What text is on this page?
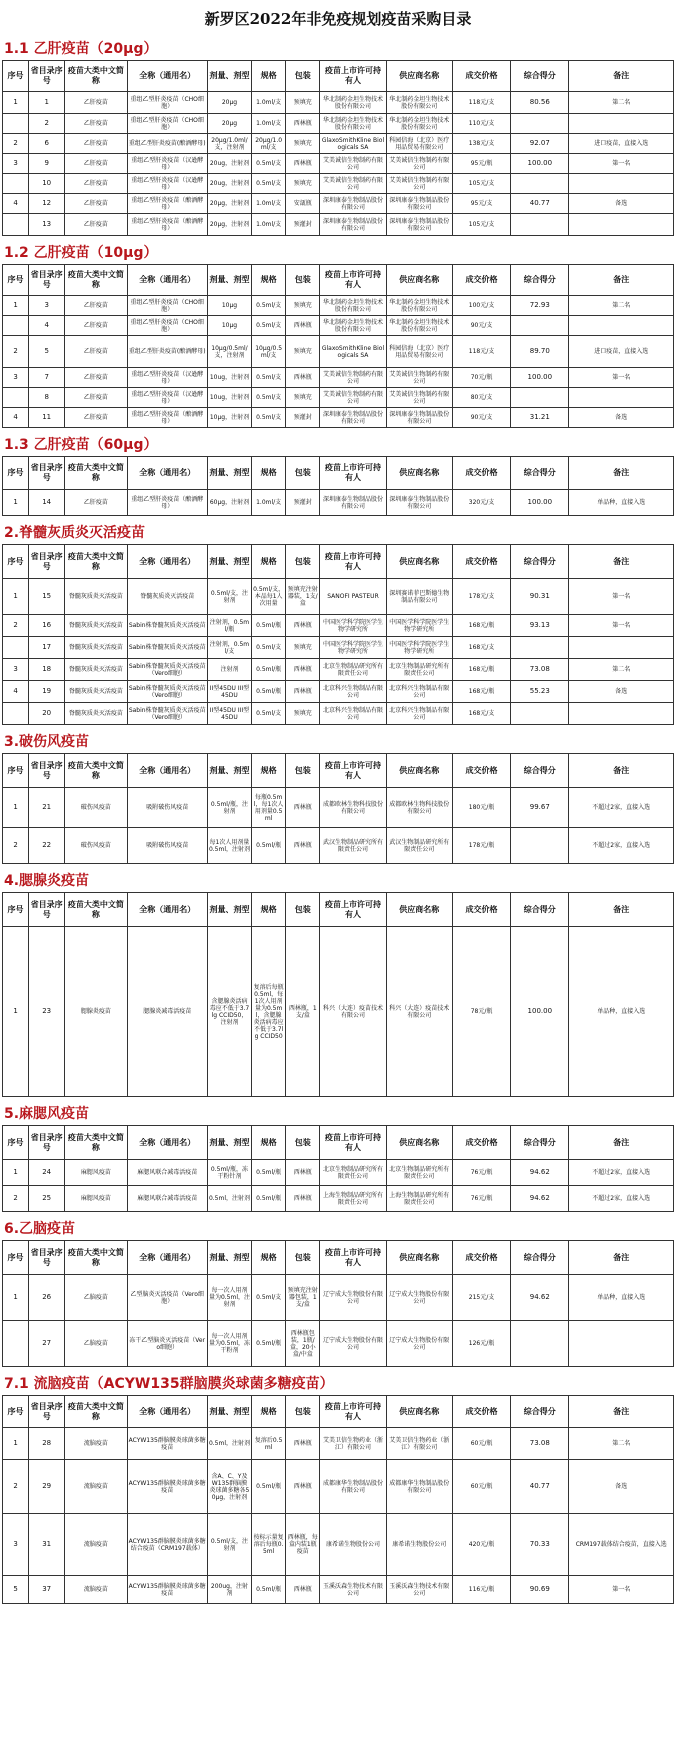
新罗区2022年非免疫规划疫苗采购目录
1.1 乙肝疫苗（20μg）
序号	省目录序号	疫苗大类中文简称	全称（通用名）	剂量、剂型	规格	包装	疫苗上市许可持有人	供应商名称	成交价格	综合得分	备注
1	1	乙肝疫苗	重组乙型肝炎疫苗（CHO细胞）	20μg	1.0ml/支	预填充	华北制药金坦生物技术股份有限公司	华北制药金坦生物技术股份有限公司	118元/支	80.56	第二名
	2	乙肝疫苗	重组乙型肝炎疫苗（CHO细胞）	20μg	1.0ml/支	西林瓶	华北制药金坦生物技术股份有限公司	华北制药金坦生物技术股份有限公司	110元/支		
2	6	乙肝疫苗	重组乙型肝炎疫苗(酿酒酵母)	20μg/1.0ml/支，注射剂	20μg/1.0ml/支	预填充	GlaxoSmithKline Biologicals SA	科园信海（北京）医疗用品贸易有限公司	138元/支	92.07	进口疫苗，直接入选
3	9	乙肝疫苗	重组乙型肝炎疫苗（汉逊酵母）	20ug，注射剂	0.5ml/支	西林瓶	艾美诚信生物制药有限公司	艾美诚信生物制药有限公司	95元/瓶	100.00	第一名
	10	乙肝疫苗	重组乙型肝炎疫苗（汉逊酵母）	20ug，注射剂	0.5ml/支	预填充	艾美诚信生物制药有限公司	艾美诚信生物制药有限公司	105元/支		
4	12	乙肝疫苗	重组乙型肝炎疫苗（酿酒酵母）	20μg，注射剂	1.0ml/支	安瓿瓶	深圳康泰生物制品股份有限公司	深圳康泰生物制品股份有限公司	95元/支	40.77	备选
	13	乙肝疫苗	重组乙型肝炎疫苗（酿酒酵母）	20μg，注射剂	1.0ml/支	预灌封	深圳康泰生物制品股份有限公司	深圳康泰生物制品股份有限公司	105元/支		
1.2 乙肝疫苗（10μg）
序号	省目录序号	疫苗大类中文简称	全称（通用名）	剂量、剂型	规格	包装	疫苗上市许可持有人	供应商名称	成交价格	综合得分	备注
1	3	乙肝疫苗	重组乙型肝炎疫苗（CHO细胞）	10μg	0.5ml/支	预填充	华北制药金坦生物技术股份有限公司	华北制药金坦生物技术股份有限公司	100元/支	72.93	第二名
	4	乙肝疫苗	重组乙型肝炎疫苗（CHO细胞）	10μg	0.5ml/支	西林瓶	华北制药金坦生物技术股份有限公司	华北制药金坦生物技术股份有限公司	90元/支		
2	5	乙肝疫苗	重组乙型肝炎疫苗(酿酒酵母)	10μg/0.5ml/支，注射剂	10μg/0.5ml/支	预填充	GlaxoSmithKline Biologicals SA	科园信海（北京）医疗用品贸易有限公司	118元/支	89.70	进口疫苗，直接入选
3	7	乙肝疫苗	重组乙型肝炎疫苗（汉逊酵母）	10ug，注射剂	0.5ml/支	西林瓶	艾美诚信生物制药有限公司	艾美诚信生物制药有限公司	70元/瓶	100.00	第一名
	8	乙肝疫苗	重组乙型肝炎疫苗（汉逊酵母）	10ug，注射剂	0.5ml/支	预填充	艾美诚信生物制药有限公司	艾美诚信生物制药有限公司	80元/支		
4	11	乙肝疫苗	重组乙型肝炎疫苗（酿酒酵母）	10μg，注射剂	0.5ml/支	预灌封	深圳康泰生物制品股份有限公司	深圳康泰生物制品股份有限公司	90元/支	31.21	备选
1.3 乙肝疫苗（60μg）
序号	省目录序号	疫苗大类中文简称	全称（通用名）	剂量、剂型	规格	包装	疫苗上市许可持有人	供应商名称	成交价格	综合得分	备注
1	14	乙肝疫苗	重组乙型肝炎疫苗（酿酒酵母）	60μg，注射剂	1.0ml/支	预灌封	深圳康泰生物制品股份有限公司	深圳康泰生物制品股份有限公司	320元/支	100.00	单品种，直接入选
2.脊髓灰质炎灭活疫苗
序号	省目录序号	疫苗大类中文简称	全称（通用名）	剂量、剂型	规格	包装	疫苗上市许可持有人	供应商名称	成交价格	综合得分	备注
1	15	脊髓灰质炎灭活疫苗	脊髓灰质炎灭活疫苗	0.5ml/支，注射剂	0.5ml/支，本品每1人次用量	预填充注射器装，1支/盒	SANOFI PASTEUR	深圳赛诺菲巴斯德生物制品有限公司	178元/支	90.31	第一名
2	16	脊髓灰质炎灭活疫苗	Sabin株脊髓灰质炎灭活疫苗	注射剂，0.5ml/瓶	0.5ml/瓶	西林瓶	中国医学科学院医学生物学研究所	中国医学科学院医学生物学研究所	168元/瓶	93.13	第一名
	17	脊髓灰质炎灭活疫苗	Sabin株脊髓灰质炎灭活疫苗	注射剂，0.5ml/支	0.5ml/支	预填充	中国医学科学院医学生物学研究所	中国医学科学院医学生物学研究所	168元/支		
3	18	脊髓灰质炎灭活疫苗	Sabin株脊髓灰质炎灭活疫苗（Vero细胞）	注射剂	0.5ml/瓶	西林瓶	北京生物制品研究所有限责任公司	北京生物制品研究所有限责任公司	168元/瓶	73.08	第二名
4	19	脊髓灰质炎灭活疫苗	Sabin株脊髓灰质炎灭活疫苗（Vero细胞）	II型45DU III型45DU	0.5ml/瓶	西林瓶	北京科兴生物制品有限公司	北京科兴生物制品有限公司	168元/瓶	55.23	备选
	20	脊髓灰质炎灭活疫苗	Sabin株脊髓灰质炎灭活疫苗（Vero细胞）	II型45DU III型45DU	0.5ml/支	预填充	北京科兴生物制品有限公司	北京科兴生物制品有限公司	168元/支		
3.破伤风疫苗
序号	省目录序号	疫苗大类中文简称	全称（通用名）	剂量、剂型	规格	包装	疫苗上市许可持有人	供应商名称	成交价格	综合得分	备注
1	21	破伤风疫苗	吸附破伤风疫苗	0.5ml/瓶，注射剂	每瓶0.5ml，每1次人用剂量0.5ml	西林瓶	成都欧林生物科技股份有限公司	成都欧林生物科技股份有限公司	180元/瓶	99.67	不超过2家，直接入选
2	22	破伤风疫苗	吸附破伤风疫苗	每1次人用剂量0.5ml，注射剂	0.5ml/瓶	西林瓶	武汉生物制品研究所有限责任公司	武汉生物制品研究所有限责任公司	178元/瓶		不超过2家，直接入选
4.腮腺炎疫苗
序号	省目录序号	疫苗大类中文简称	全称（通用名）	剂量、剂型	规格	包装	疫苗上市许可持有人	供应商名称	成交价格	综合得分	备注
1	23	腮腺炎疫苗	腮腺炎减毒活疫苗	含腮腺炎活病毒应不低于3.7lg CCID50，注射剂	复溶后每瓶0.5ml，每1次人用剂量为0.5ml，含腮腺炎活病毒应不低于3.7lg CCID50	西林瓶，1支/盒	科兴（大连）疫苗技术有限公司	科兴（大连）疫苗技术有限公司	78元/瓶	100.00	单品种，直接入选
5.麻腮风疫苗
序号	省目录序号	疫苗大类中文简称	全称（通用名）	剂量、剂型	规格	包装	疫苗上市许可持有人	供应商名称	成交价格	综合得分	备注
1	24	麻腮风疫苗	麻腮风联合减毒活疫苗	0.5ml/瓶，冻干粉针剂	0.5ml/瓶	西林瓶	北京生物制品研究所有限责任公司	北京生物制品研究所有限责任公司	76元/瓶	94.62	不超过2家，直接入选
2	25	麻腮风疫苗	麻腮风联合减毒活疫苗	0.5ml，注射剂	0.5ml/瓶	西林瓶	上海生物制品研究所有限责任公司	上海生物制品研究所有限责任公司	76元/瓶	94.62	不超过2家，直接入选
6.乙脑疫苗
序号	省目录序号	疫苗大类中文简称	全称（通用名）	剂量、剂型	规格	包装	疫苗上市许可持有人	供应商名称	成交价格	综合得分	备注
1	26	乙脑疫苗	乙型脑炎灭活疫苗（Vero细胞）	每一次人用剂量为0.5ml，注射剂	0.5ml/支	预填充注射器包装，1支/盒	辽宁成大生物股份有限公司	辽宁成大生物股份有限公司	215元/支	94.62	单品种，直接入选
	27	乙脑疫苗	冻干乙型脑炎灭活疫苗（Vero细胞）	每一次人用剂量为0.5ml，冻干粉剂	0.5ml/瓶	西林瓶包装，1瓶/盒，20小盒/中盒	辽宁成大生物股份有限公司	辽宁成大生物股份有限公司	126元/瓶		
7.1 流脑疫苗（ACYW135群脑膜炎球菌多糖疫苗）
序号	省目录序号	疫苗大类中文简称	全称（通用名）	剂量、剂型	规格	包装	疫苗上市许可持有人	供应商名称	成交价格	综合得分	备注
1	28	流脑疫苗	ACYW135群脑膜炎球菌多糖疫苗	0.5ml，注射剂	复溶后0.5ml	西林瓶	艾美卫信生物药业（浙江）有限公司	艾美卫信生物药业（浙江）有限公司	60元/瓶	73.08	第二名
2	29	流脑疫苗	ACYW135群脑膜炎球菌多糖疫苗	含A、C、Y及W135群脑膜炎球菌多糖各50μg，注射剂	0.5ml/瓶	西林瓶	成都康华生物制品股份有限公司	成都康华生物制品股份有限公司	60元/瓶	40.77	备选
3	31	流脑疫苗	ACYW135群脑膜炎球菌多糖结合疫苗（CRM197载体）	0.5ml/支，注射剂	按标示量复溶后每瓶0.5ml	西林瓶，每盒内装1瓶疫苗	康希诺生物股份公司	康希诺生物股份公司	420元/瓶	70.33	CRM197载体结合疫苗，直接入选
5	37	流脑疫苗	ACYW135群脑膜炎球菌多糖疫苗	200ug，注射剂	0.5ml/瓶	西林瓶	玉溪沃森生物技术有限公司	玉溪沃森生物技术有限公司	116元/瓶	90.69	第一名
